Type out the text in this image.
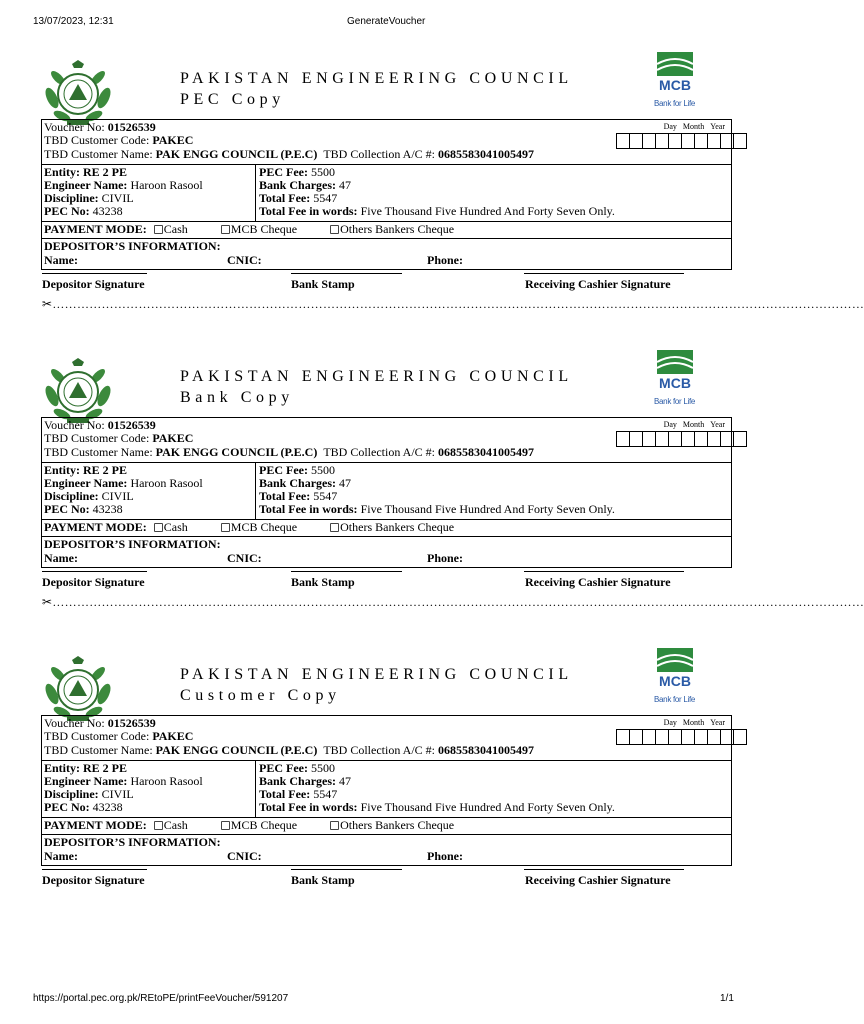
13/07/2023, 12:31	GenerateVoucher
PAKISTAN ENGINEERING COUNCIL
PEC Copy
MCB
Bank for Life
Voucher No: 01526539
TBD Customer Code: PAKEC
TBD Customer Name: PAK ENGG COUNCIL (P.E.C) TBD Collection A/C #: 0685583041005497
Day Month Year
Entity: RE 2 PE
Engineer Name: Haroon Rasool
Discipline: CIVIL
PEC No: 43238
PEC Fee: 5500
Bank Charges: 47
Total Fee: 5547
Total Fee in words: Five Thousand Five Hundred And Forty Seven Only.
PAYMENT MODE: Cash	MCB Cheque	Others Bankers Cheque
DEPOSITOR’S INFORMATION:
Name:	CNIC:	Phone:
Depositor Signature	Bank Stamp	Receiving Cashier Signature
✂………………………………………………………………………………………………………………………………………………………………………………
PAKISTAN ENGINEERING COUNCIL
Bank Copy
MCB
Bank for Life
Voucher No: 01526539
TBD Customer Code: PAKEC
TBD Customer Name: PAK ENGG COUNCIL (P.E.C) TBD Collection A/C #: 0685583041005497
Day Month Year
Entity: RE 2 PE
Engineer Name: Haroon Rasool
Discipline: CIVIL
PEC No: 43238
PEC Fee: 5500
Bank Charges: 47
Total Fee: 5547
Total Fee in words: Five Thousand Five Hundred And Forty Seven Only.
PAYMENT MODE: Cash	MCB Cheque	Others Bankers Cheque
DEPOSITOR’S INFORMATION:
Name:	CNIC:	Phone:
Depositor Signature	Bank Stamp	Receiving Cashier Signature
✂………………………………………………………………………………………………………………………………………………………………………………
PAKISTAN ENGINEERING COUNCIL
Customer Copy
MCB
Bank for Life
Voucher No: 01526539
TBD Customer Code: PAKEC
TBD Customer Name: PAK ENGG COUNCIL (P.E.C) TBD Collection A/C #: 0685583041005497
Day Month Year
Entity: RE 2 PE
Engineer Name: Haroon Rasool
Discipline: CIVIL
PEC No: 43238
PEC Fee: 5500
Bank Charges: 47
Total Fee: 5547
Total Fee in words: Five Thousand Five Hundred And Forty Seven Only.
PAYMENT MODE: Cash	MCB Cheque	Others Bankers Cheque
DEPOSITOR’S INFORMATION:
Name:	CNIC:	Phone:
Depositor Signature	Bank Stamp	Receiving Cashier Signature
https://portal.pec.org.pk/REtoPE/printFeeVoucher/591207	1/1
